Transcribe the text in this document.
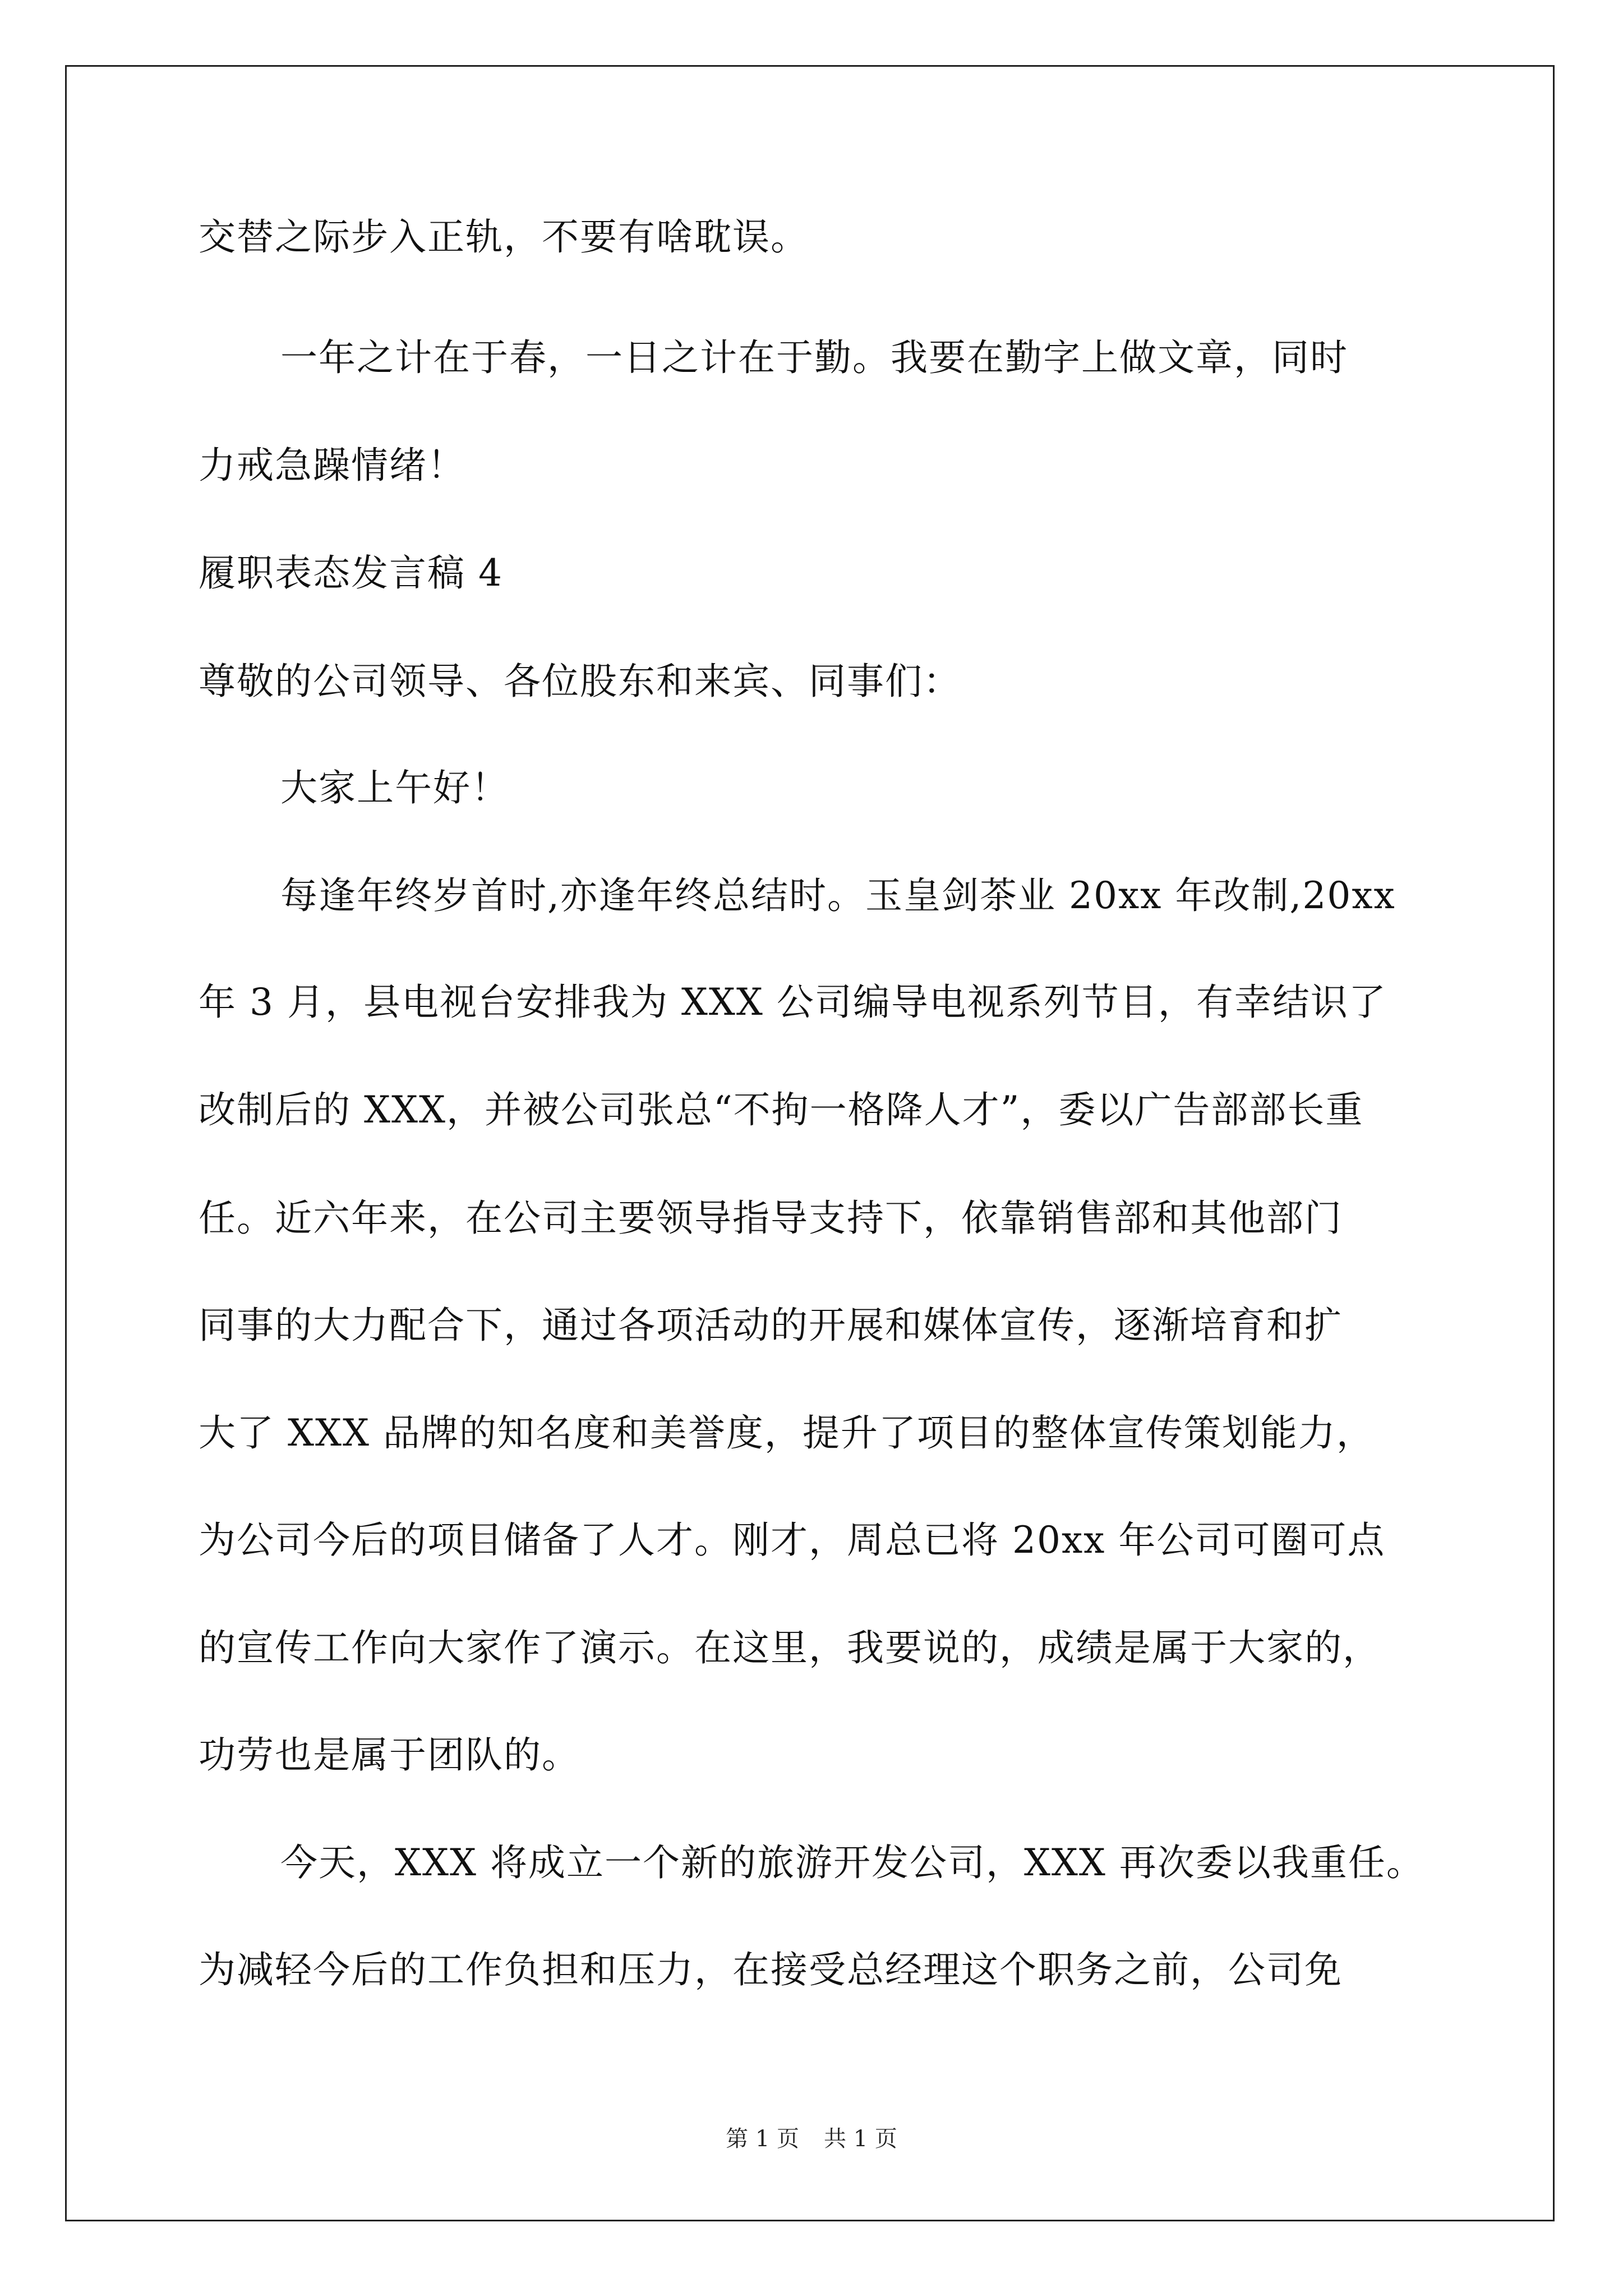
交替之际步入正轨，不要有啥耽误。
一年之计在于春，一日之计在于勤。我要在勤字上做文章，同时
力戒急躁情绪！
履职表态发言稿 4
尊敬的公司领导、各位股东和来宾、同事们：
大家上午好！
每逢年终岁首时,亦逢年终总结时。玉皇剑茶业 20xx 年改制,20xx
年 3 月，县电视台安排我为 XXX 公司编导电视系列节目，有幸结识了
改制后的 XXX，并被公司张总“不拘一格降人才”，委以广告部部长重
任。近六年来，在公司主要领导指导支持下，依靠销售部和其他部门
同事的大力配合下，通过各项活动的开展和媒体宣传，逐渐培育和扩
大了 XXX 品牌的知名度和美誉度，提升了项目的整体宣传策划能力，
为公司今后的项目储备了人才。刚才，周总已将 20xx 年公司可圈可点
的宣传工作向大家作了演示。在这里，我要说的，成绩是属于大家的，
功劳也是属于团队的。
今天，XXX 将成立一个新的旅游开发公司，XXX 再次委以我重任。
为减轻今后的工作负担和压力，在接受总经理这个职务之前，公司免
第 1 页 共 1 页
